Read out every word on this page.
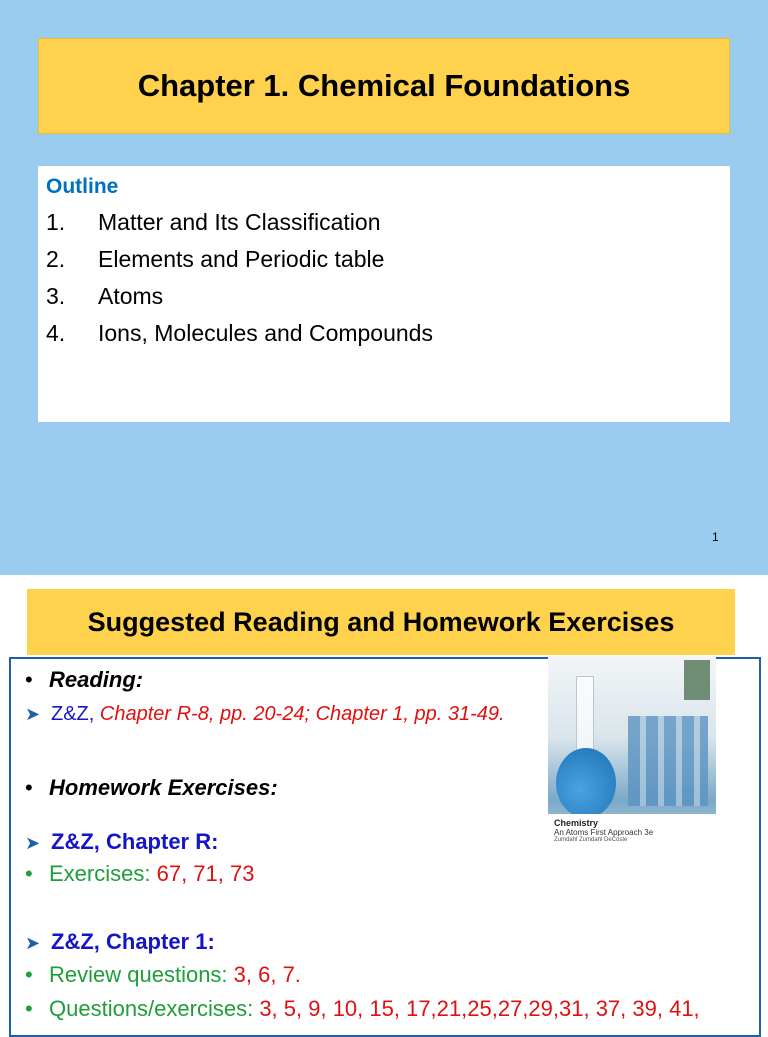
Chapter 1. Chemical Foundations
Outline
1.	Matter and Its Classification
2.	Elements and Periodic table
3.	Atoms
4.	Ions, Molecules and Compounds
1
Suggested Reading and Homework Exercises
• Reading:
➤ Z&Z, Chapter R-8, pp. 20-24; Chapter 1, pp. 31-49.
• Homework Exercises:
➤ Z&Z, Chapter R:
• Exercises: 67, 71, 73
➤ Z&Z, Chapter 1:
• Review questions: 3, 6, 7.
• Questions/exercises: 3, 5, 9, 10, 15, 17,21,25,27,29,31, 37, 39, 41,
Chemistry
An Atoms First Approach 3e
Zumdahl Zumdahl DeCoste
